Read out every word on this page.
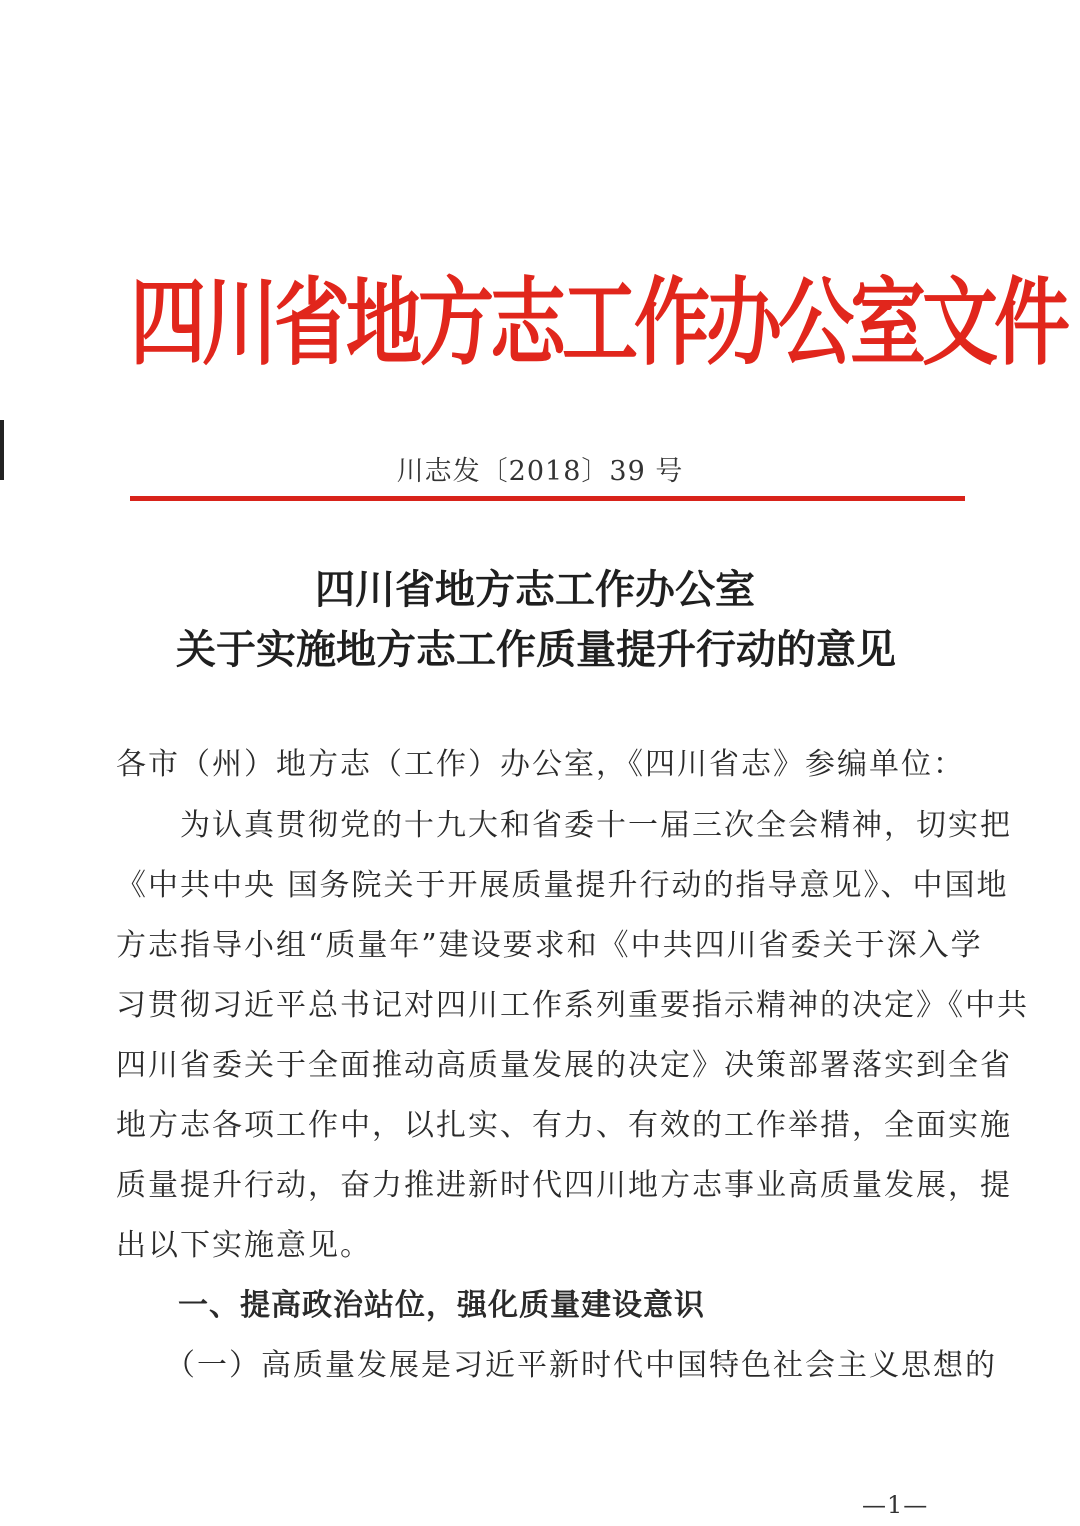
四川省地方志工作办公室文件
川志发〔2018〕39 号
四川省地方志工作办公室
关于实施地方志工作质量提升行动的意见
各市（州）地方志（工作）办公室，《四川省志》参编单位：
　　为认真贯彻党的十九大和省委十一届三次全会精神，切实把
《中共中央 国务院关于开展质量提升行动的指导意见》、中国地
方志指导小组“质量年”建设要求和《中共四川省委关于深入学
习贯彻习近平总书记对四川工作系列重要指示精神的决定》《中共
四川省委关于全面推动高质量发展的决定》决策部署落实到全省
地方志各项工作中，以扎实、有力、有效的工作举措，全面实施
质量提升行动，奋力推进新时代四川地方志事业高质量发展，提
出以下实施意见。
　　一、提高政治站位，强化质量建设意识
　　（一）高质量发展是习近平新时代中国特色社会主义思想的
—1—
